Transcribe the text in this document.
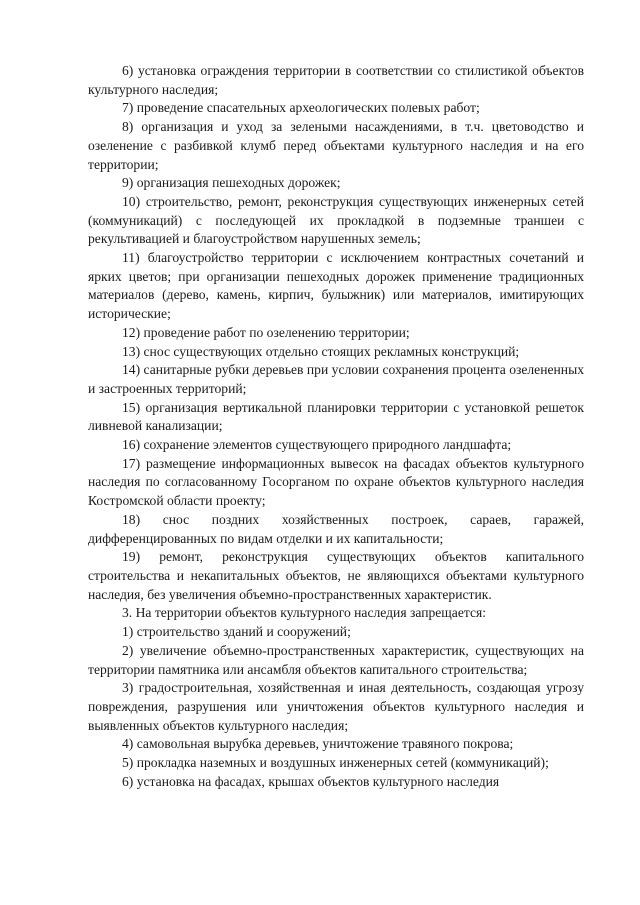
6) установка ограждения территории в соответствии со стилистикой объектов культурного наследия;

7) проведение спасательных археологических полевых работ;

8) организация и уход за зелеными насаждениями, в т.ч. цветоводство и озеленение с разбивкой клумб перед объектами культурного наследия и на его территории;

9) организация пешеходных дорожек;

10) строительство, ремонт, реконструкция существующих инженерных сетей (коммуникаций) с последующей их прокладкой в подземные траншеи с рекультивацией и благоустройством нарушенных земель;

11) благоустройство территории с исключением контрастных сочетаний и ярких цветов; при организации пешеходных дорожек применение традиционных материалов (дерево, камень, кирпич, булыжник) или материалов, имитирующих исторические;

12) проведение работ по озеленению территории;

13) снос существующих отдельно стоящих рекламных конструкций;

14) санитарные рубки деревьев при условии сохранения процента озелененных и застроенных территорий;

15) организация вертикальной планировки территории с установкой решеток ливневой канализации;

16) сохранение элементов существующего природного ландшафта;

17) размещение информационных вывесок на фасадах объектов культурного наследия по согласованному Госорганом по охране объектов культурного наследия Костромской области проекту;

18) снос поздних хозяйственных построек, сараев, гаражей, дифференцированных по видам отделки и их капитальности;

19) ремонт, реконструкция существующих объектов капитального строительства и некапитальных объектов, не являющихся объектами культурного наследия, без увеличения объемно-пространственных характеристик.

3. На территории объектов культурного наследия запрещается:

1) строительство зданий и сооружений;

2) увеличение объемно-пространственных характеристик, существующих на территории памятника или ансамбля объектов капитального строительства;

3) градостроительная, хозяйственная и иная деятельность, создающая угрозу повреждения, разрушения или уничтожения объектов культурного наследия и выявленных объектов культурного наследия;

4) самовольная вырубка деревьев, уничтожение травяного покрова;

5) прокладка наземных и воздушных инженерных сетей (коммуникаций);

6) установка на фасадах, крышах объектов культурного наследия
